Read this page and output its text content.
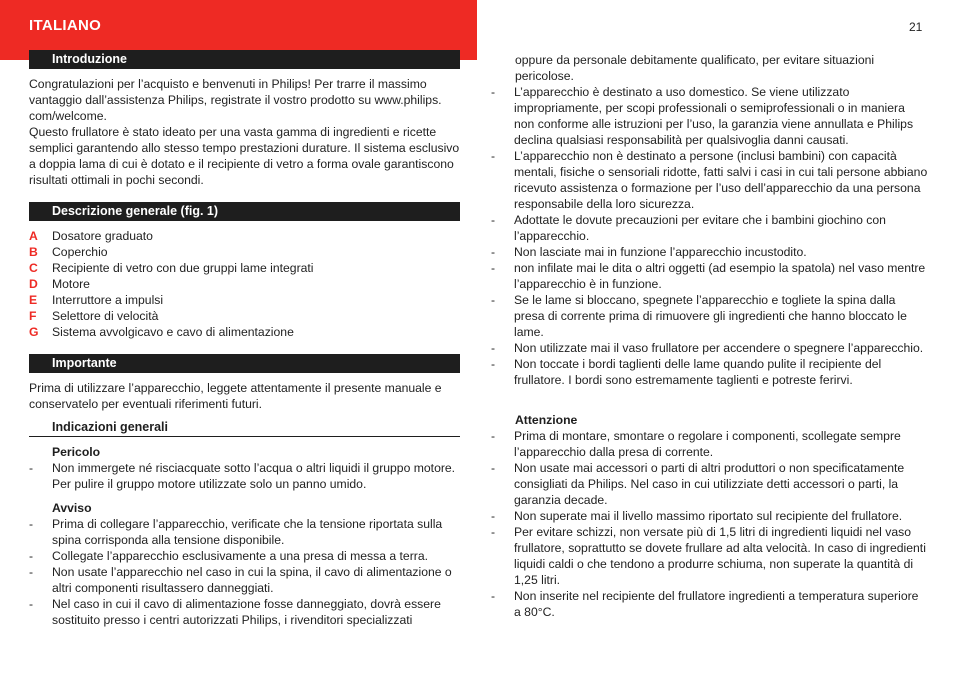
ITALIANO	21
Introduzione

Congratulazioni per l’acquisto e benvenuti in Philips! Per trarre il massimo vantaggio dall’assistenza Philips, registrate il vostro prodotto su www.philips. com/welcome.

Questo frullatore è stato ideato per una vasta gamma di ingredienti e ricette semplici garantendo allo stesso tempo prestazioni durature. Il sistema esclusivo a doppia lama di cui è dotato e il recipiente di vetro a forma ovale garantiscono risultati ottimali in pochi secondi.

Descrizione generale (fig. 1)
A Dosatore graduato
B Coperchio
C Recipiente di vetro con due gruppi lame integrati
D Motore
E Interruttore a impulsi
F Selettore di velocità
G Sistema avvolgicavo e cavo di alimentazione
Importante

Prima di utilizzare l’apparecchio, leggete attentamente il presente manuale e conservatelo per eventuali riferimenti futuri.

Indicazioni generali
Pericolo
- Non immergete né risciacquate sotto l’acqua o altri liquidi il gruppo motore. Per pulire il gruppo motore utilizzate solo un panno umido.
Avviso
- Prima di collegare l’apparecchio, verificate che la tensione riportata sulla spina corrisponda alla tensione disponibile.
- Collegate l’apparecchio esclusivamente a una presa di messa a terra.
- Non usate l’apparecchio nel caso in cui la spina, il cavo di alimentazione o altri componenti risultassero danneggiati.
- Nel caso in cui il cavo di alimentazione fosse danneggiato, dovrà essere sostituito presso i centri autorizzati Philips, i rivenditori specializzati

oppure da personale debitamente qualificato, per evitare situazioni pericolose.

- L’apparecchio è destinato a uso domestico. Se viene utilizzato impropriamente, per scopi professionali o semiprofessionali o in maniera non conforme alle istruzioni per l’uso, la garanzia viene annullata e Philips declina qualsiasi responsabilità per qualsivoglia danni causati.
- L’apparecchio non è destinato a persone (inclusi bambini) con capacità mentali, fisiche o sensoriali ridotte, fatti salvi i casi in cui tali persone abbiano ricevuto assistenza o formazione per l’uso dell’apparecchio da una persona responsabile della loro sicurezza.
- Adottate le dovute precauzioni per evitare che i bambini giochino con l’apparecchio.
- Non lasciate mai in funzione l’apparecchio incustodito.
- non infilate mai le dita o altri oggetti (ad esempio la spatola) nel vaso mentre l’apparecchio è in funzione.
- Se le lame si bloccano, spegnete l’apparecchio e togliete la spina dalla presa di corrente prima di rimuovere gli ingredienti che hanno bloccato le lame.
- Non utilizzate mai il vaso frullatore per accendere o spegnere l’apparecchio.
- Non toccate i bordi taglienti delle lame quando pulite il recipiente del frullatore. I bordi sono estremamente taglienti e potreste ferirvi.
Attenzione
- Prima di montare, smontare o regolare i componenti, scollegate sempre l’apparecchio dalla presa di corrente.
- Non usate mai accessori o parti di altri produttori o non specificatamente consigliati da Philips. Nel caso in cui utilizziate detti accessori o parti, la garanzia decade.
- Non superate mai il livello massimo riportato sul recipiente del frullatore.
- Per evitare schizzi, non versate più di 1,5 litri di ingredienti liquidi nel vaso frullatore, soprattutto se dovete frullare ad alta velocità. In caso di ingredienti liquidi caldi o che tendono a produrre schiuma, non superate la quantità di 1,25 litri.
- Non inserite nel recipiente del frullatore ingredienti a temperatura superiore a 80°C.
